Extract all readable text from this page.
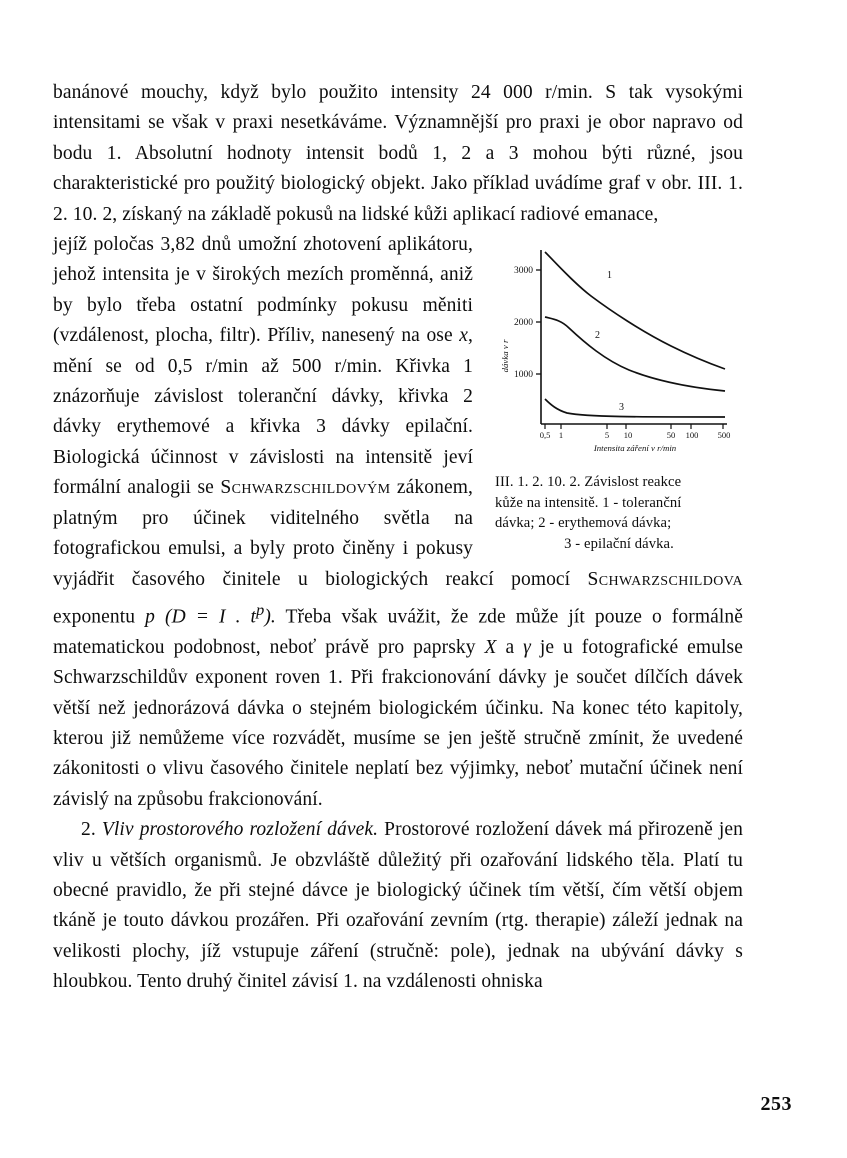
banánové mouchy, když bylo použito intensity 24 000 r/min. S tak vysokými intensitami se však v praxi nesetkáváme. Významnější pro praxi je obor napravo od bodu 1. Absolutní hodnoty intensit bodů 1, 2 a 3 mohou býti různé, jsou charakteristické pro použitý biologický objekt. Jako příklad uvádíme graf v obr. III. 1. 2. 10. 2, získaný na základě pokusů na lidské kůži aplikací radiové emanace,

3000
2000
1000
0,5 1	5 10	50 100 500
Intensita záření v r/min
1
2
3
dávka v r
III. 1. 2. 10. 2. Závislost reakce
kůže na intensitě. 1 - toleranční
dávka; 2 - erythemová dávka;
3 - epilační dávka.

jejíž poločas 3,82 dnů umožní zhotovení aplikátoru, jehož intensita je v širokých mezích proměnná, aniž by bylo třeba ostatní podmínky pokusu měniti (vzdálenost, plocha, filtr). Příliv, nanesený na ose x, mění se od 0,5 r/min až 500 r/min. Křivka 1 znázorňuje závislost toleranční dávky, křivka 2 dávky erythemové a křivka 3 dávky epilační. Biologická účinnost v závislosti na intensitě jeví formální analogii se Schwarzschildovým zákonem, platným pro účinek viditelného světla na fotografickou emulsi, a byly proto činěny i pokusy vyjádřit časového činitele u biologických reakcí pomocí Schwarzschildova exponentu p (D = I . $t^p$). Třeba však uvážit, že zde může jít pouze o formálně matematickou podobnost, neboť právě pro paprsky X a γ je u fotografické emulse Schwarzschildův exponent roven 1. Při frakcionování dávky je součet dílčích dávek větší než jednorázová dávka o stejném biologickém účinku. Na konec této kapitoly, kterou již nemůžeme více rozvádět, musíme se jen ještě stručně zmínit, že uvedené zákonitosti o vlivu časového činitele neplatí bez výjimky, neboť mutační účinek není závislý na způsobu frakcionování.

2. Vliv prostorového rozložení dávek. Prostorové rozložení dávek má přirozeně jen vliv u větších organismů. Je obzvláště důležitý při ozařování lidského těla. Platí tu obecné pravidlo, že při stejné dávce je biologický účinek tím větší, čím větší objem tkáně je touto dávkou prozářen. Při ozařování zevním (rtg. therapie) záleží jednak na velikosti plochy, jíž vstupuje záření (stručně: pole), jednak na ubývání dávky s hloubkou. Tento druhý činitel závisí 1. na vzdálenosti ohniska

253
